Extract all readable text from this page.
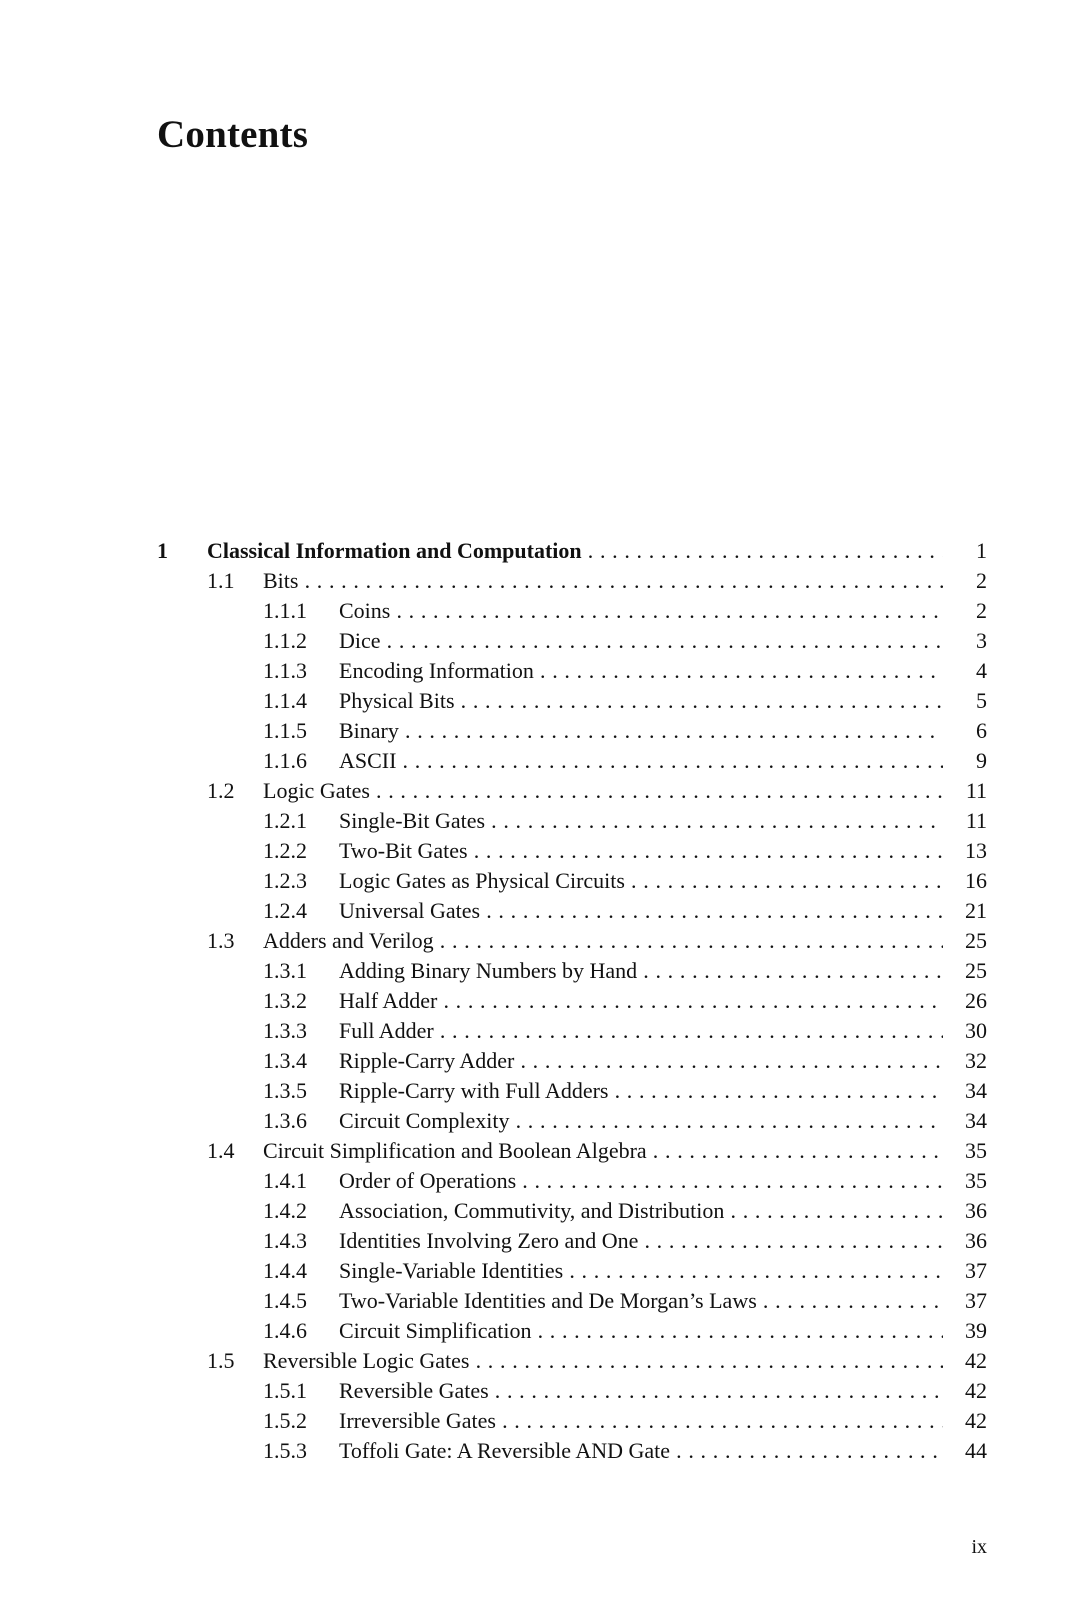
Contents
1 Classical Information and Computation . . .	1
1.1 Bits . . .	2
1.1.1 Coins . . .	2
1.1.2 Dice . . .	3
1.1.3 Encoding Information . . .	4
1.1.4 Physical Bits . . .	5
1.1.5 Binary . . .	6
1.1.6 ASCII . . .	9
1.2 Logic Gates . . .	11
1.2.1 Single-Bit Gates . . .	11
1.2.2 Two-Bit Gates . . .	13
1.2.3 Logic Gates as Physical Circuits . . .	16
1.2.4 Universal Gates . . .	21
1.3 Adders and Verilog . . .	25
1.3.1 Adding Binary Numbers by Hand . . .	25
1.3.2 Half Adder . . .	26
1.3.3 Full Adder . . .	30
1.3.4 Ripple-Carry Adder . . .	32
1.3.5 Ripple-Carry with Full Adders . . .	34
1.3.6 Circuit Complexity . . .	34
1.4 Circuit Simplification and Boolean Algebra . . .	35
1.4.1 Order of Operations . . .	35
1.4.2 Association, Commutivity, and Distribution . . .	36
1.4.3 Identities Involving Zero and One . . .	36
1.4.4 Single-Variable Identities . . .	37
1.4.5 Two-Variable Identities and De Morgan’s Laws . . .	37
1.4.6 Circuit Simplification . . .	39
1.5 Reversible Logic Gates . . .	42
1.5.1 Reversible Gates . . .	42
1.5.2 Irreversible Gates . . .	42
1.5.3 Toffoli Gate: A Reversible AND Gate . . .	44
ix
